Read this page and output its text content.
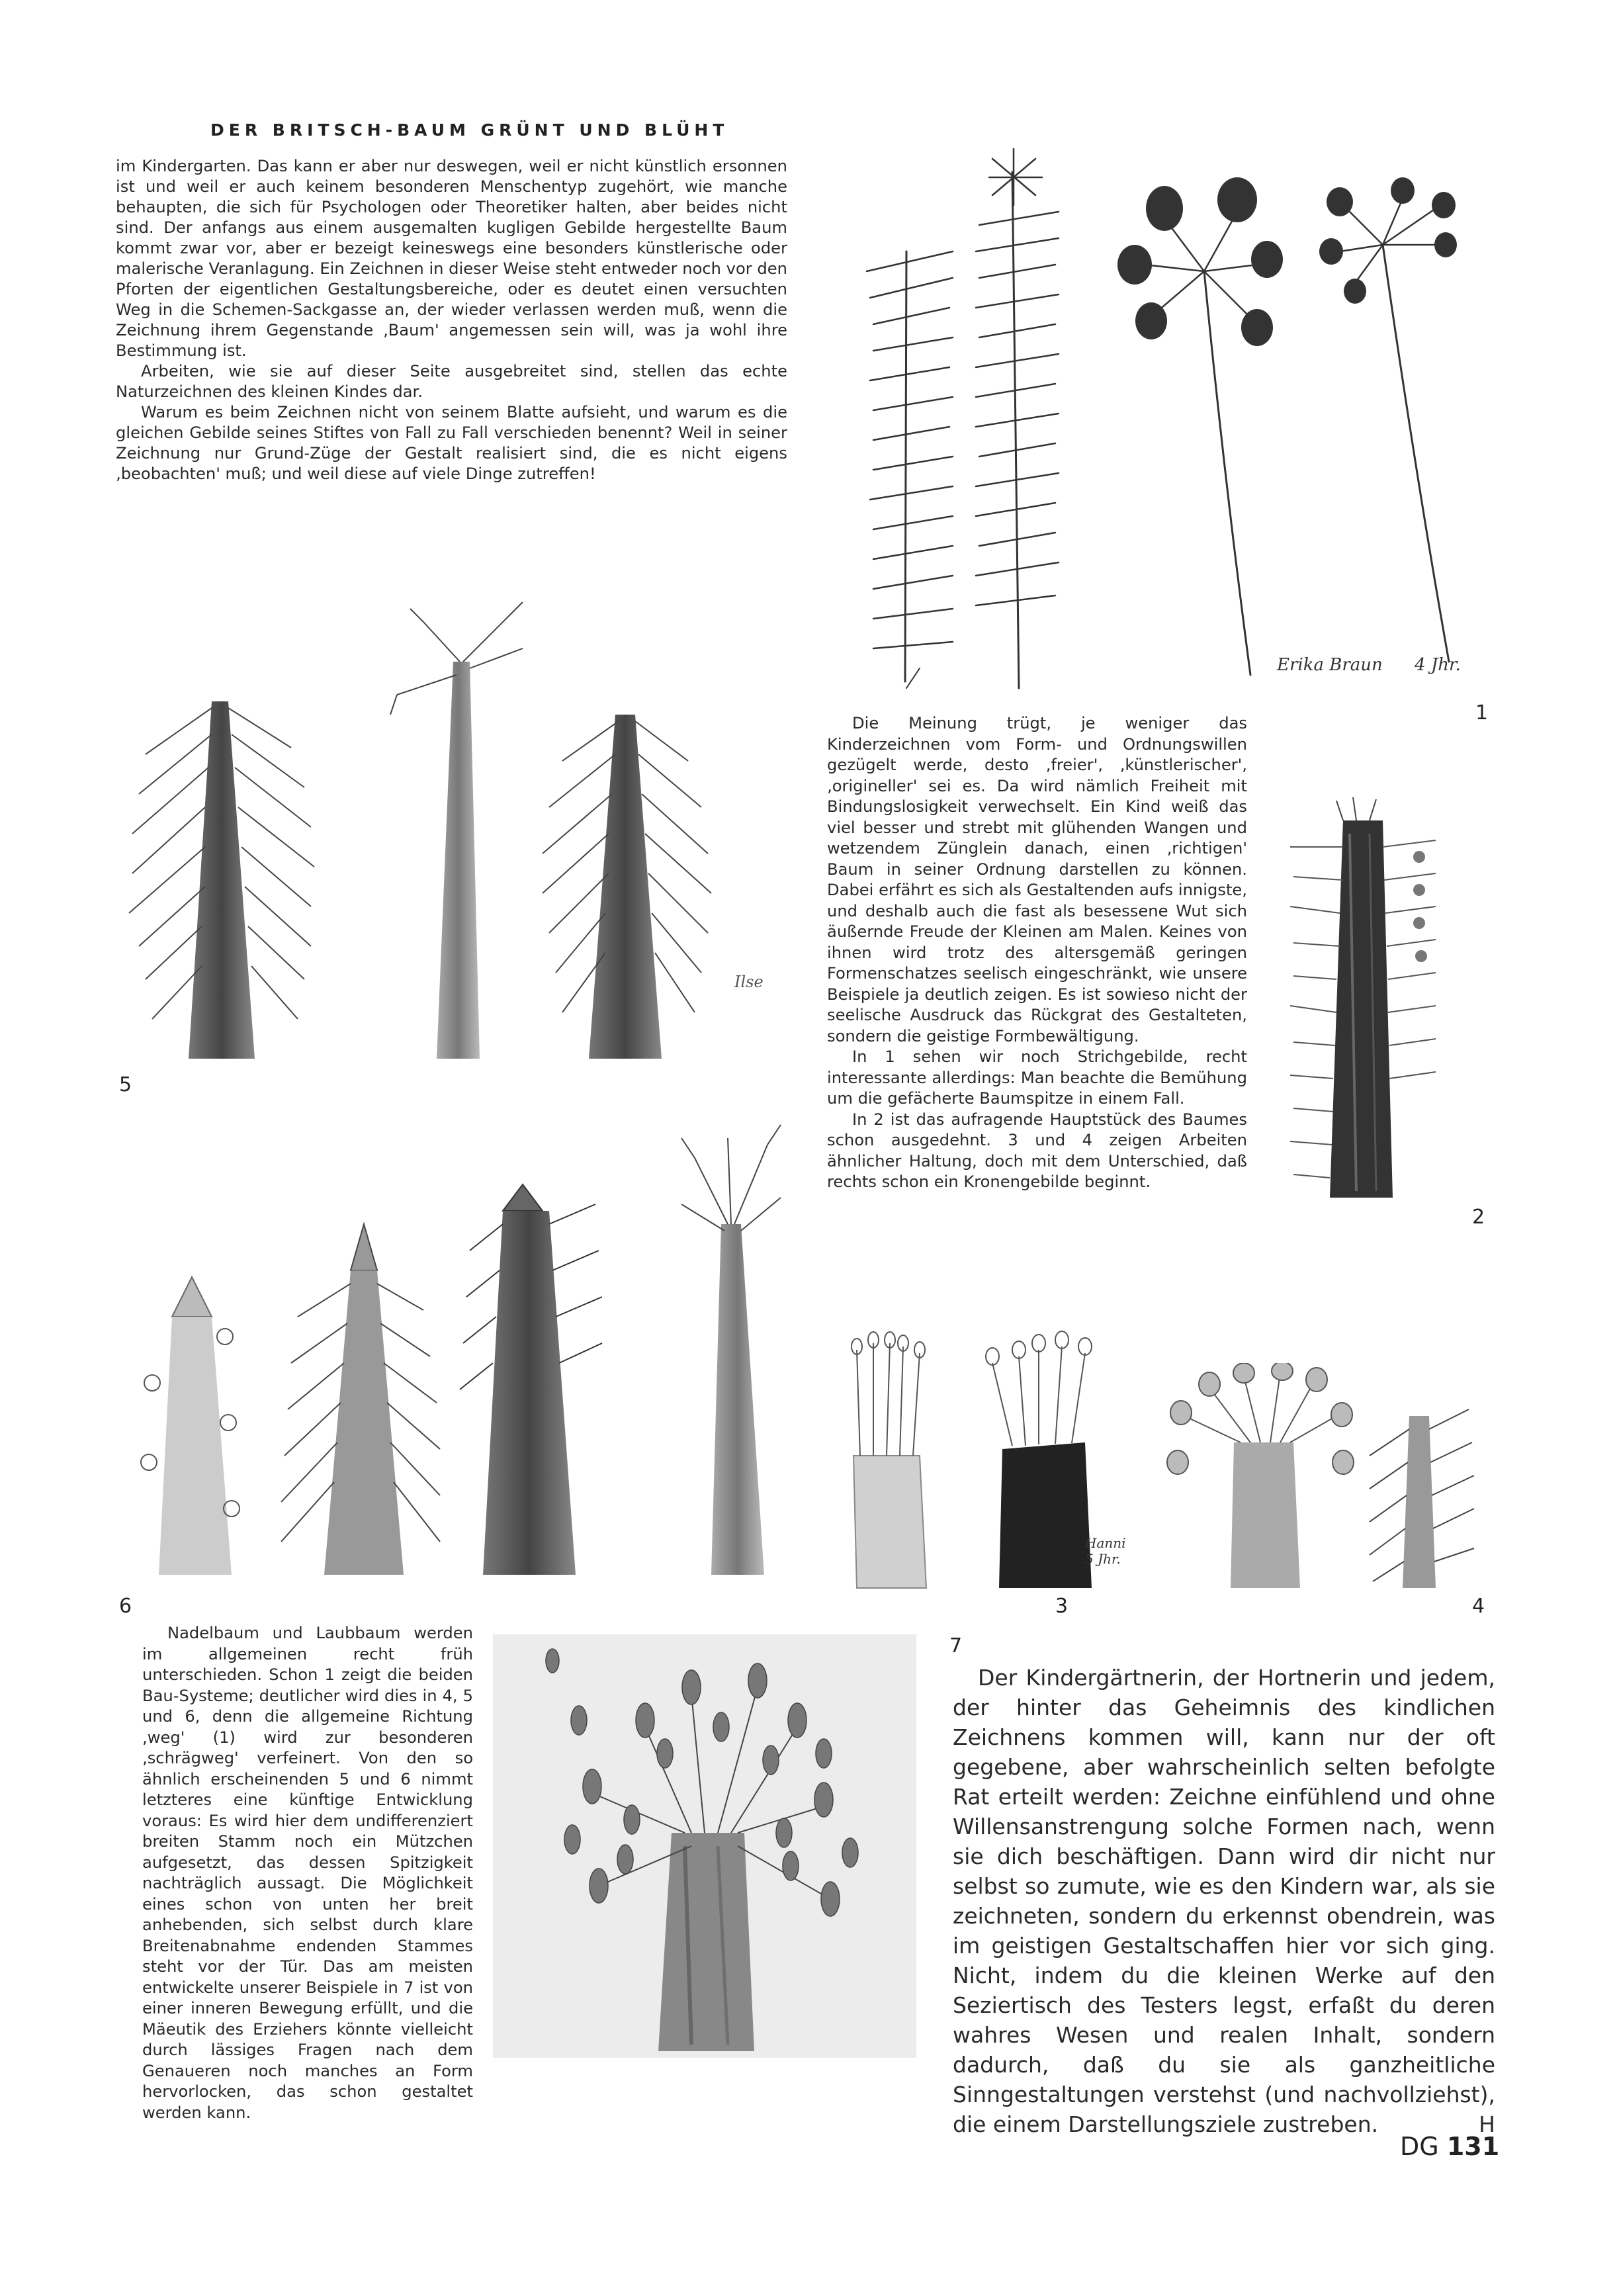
DER BRITSCH-BAUM GRÜNT UND BLÜHT

im Kindergarten. Das kann er aber nur deswegen, weil er nicht künstlich ersonnen ist und weil er auch keinem besonderen Menschentyp zugehört, wie manche behaupten, die sich für Psychologen oder Theoretiker halten, aber beides nicht sind. Der anfangs aus einem ausgemalten kugligen Gebilde hergestellte Baum kommt zwar vor, aber er bezeigt keineswegs eine besonders künstlerische oder malerische Veranlagung. Ein Zeichnen in dieser Weise steht entweder noch vor den Pforten der eigentlichen Gestaltungsbereiche, oder es deutet einen versuchten Weg in die Schemen-Sackgasse an, der wieder verlassen werden muß, wenn die Zeichnung ihrem Gegenstande ‚Baum' angemessen sein will, was ja wohl ihre Bestimmung ist.

Arbeiten, wie sie auf dieser Seite ausgebreitet sind, stellen das echte Naturzeichnen des kleinen Kindes dar.

Warum es beim Zeichnen nicht von seinem Blatte aufsieht, und warum es die gleichen Gebilde seines Stiftes von Fall zu Fall verschieden benennt? Weil in seiner Zeichnung nur Grund-Züge der Gestalt realisiert sind, die es nicht eigens ‚beobachten' muß; und weil diese auf viele Dinge zutreffen!

Erika Braun 4 Jhr.
1
Ilse
5

Die Meinung trügt, je weniger das Kinderzeichnen vom Form- und Ordnungswillen gezügelt werde, desto ‚freier', ‚künstlerischer', ‚origineller' sei es. Da wird nämlich Freiheit mit Bindungslosigkeit verwechselt. Ein Kind weiß das viel besser und strebt mit glühenden Wangen und wetzendem Zünglein danach, einen ‚richtigen' Baum in seiner Ordnung darstellen zu können. Dabei erfährt es sich als Gestaltenden aufs innigste, und deshalb auch die fast als besessene Wut sich äußernde Freude der Kleinen am Malen. Keines von ihnen wird trotz des altersgemäß geringen Formenschatzes seelisch eingeschränkt, wie unsere Beispiele ja deutlich zeigen. Es ist sowieso nicht der seelische Ausdruck das Rückgrat des Gestalteten, sondern die geistige Formbewältigung.

In 1 sehen wir noch Strichgebilde, recht interessante allerdings: Man beachte die Bemühung um die gefächerte Baumspitze in einem Fall.

In 2 ist das aufragende Hauptstück des Baumes schon ausgedehnt. 3 und 4 zeigen Arbeiten ähnlicher Haltung, doch mit dem Unterschied, daß rechts schon ein Kronengebilde beginnt.

2
6
Hanni
5 Jhr.
3	4

Nadelbaum und Laubbaum werden im allgemeinen recht früh unterschieden. Schon 1 zeigt die beiden Bau-Systeme; deutlicher wird dies in 4, 5 und 6, denn die allgemeine Richtung ‚weg' (1) wird zur besonderen ‚schrägweg' verfeinert. Von den so ähnlich erscheinenden 5 und 6 nimmt letzteres eine künftige Entwicklung voraus: Es wird hier dem undifferenziert breiten Stamm noch ein Mützchen aufgesetzt, das dessen Spitzigkeit nachträglich aussagt. Die Möglichkeit eines schon von unten her breit anhebenden, sich selbst durch klare Breitenabnahme endenden Stammes steht vor der Tür. Das am meisten entwickelte unserer Beispiele in 7 ist von einer inneren Bewegung erfüllt, und die Mäeutik des Erziehers könnte vielleicht durch lässiges Fragen nach dem Genaueren noch manches an Form hervorlocken, das schon gestaltet werden kann.

7

Der Kindergärtnerin, der Hortnerin und jedem, der hinter das Geheimnis des kindlichen Zeichnens kommen will, kann nur der oft gegebene, aber wahrscheinlich selten befolgte Rat erteilt werden: Zeichne einfühlend und ohne Willensanstrengung solche Formen nach, wenn sie dich beschäftigen. Dann wird dir nicht nur selbst so zumute, wie es den Kindern war, als sie zeichneten, sondern du erkennst obendrein, was im geistigen Gestaltschaffen hier vor sich ging. Nicht, indem du die kleinen Werke auf den Seziertisch des Testers legst, erfaßt du deren wahres Wesen und realen Inhalt, sondern dadurch, daß du sie als ganzheitliche Sinngestaltungen verstehst (und nachvollziehst), die einem Darstellungsziele zustreben.	H
DG 131
